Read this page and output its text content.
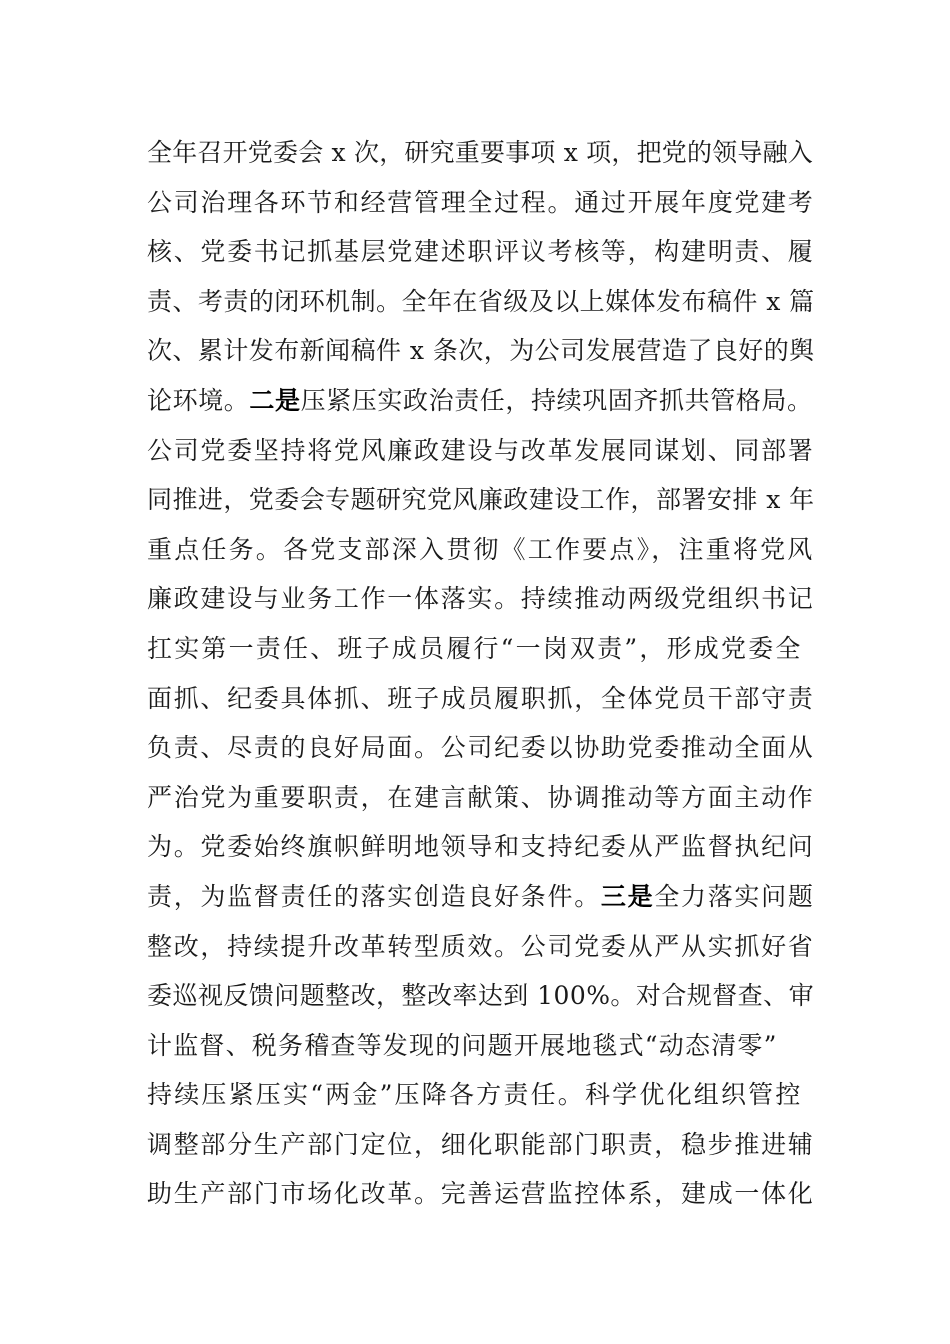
全年召开党委会 x 次，研究重要事项 x 项，把党的领导融入
公司治理各环节和经营管理全过程。通过开展年度党建考
核、党委书记抓基层党建述职评议考核等，构建明责、履
责、考责的闭环机制。全年在省级及以上媒体发布稿件 x 篇
次、累计发布新闻稿件 x 条次，为公司发展营造了良好的舆
论环境。二是压紧压实政治责任，持续巩固齐抓共管格局。
公司党委坚持将党风廉政建设与改革发展同谋划、同部署
同推进，党委会专题研究党风廉政建设工作，部署安排 x 年
重点任务。各党支部深入贯彻《工作要点》，注重将党风
廉政建设与业务工作一体落实。持续推动两级党组织书记
扛实第一责任、班子成员履行“一岗双责”，形成党委全
面抓、纪委具体抓、班子成员履职抓，全体党员干部守责
负责、尽责的良好局面。公司纪委以协助党委推动全面从
严治党为重要职责，在建言献策、协调推动等方面主动作
为。党委始终旗帜鲜明地领导和支持纪委从严监督执纪问
责，为监督责任的落实创造良好条件。三是全力落实问题
整改，持续提升改革转型质效。公司党委从严从实抓好省
委巡视反馈问题整改，整改率达到 100%。对合规督查、审
计监督、税务稽查等发现的问题开展地毯式“动态清零”
持续压紧压实“两金”压降各方责任。科学优化组织管控
调整部分生产部门定位，细化职能部门职责，稳步推进辅
助生产部门市场化改革。完善运营监控体系，建成一体化
